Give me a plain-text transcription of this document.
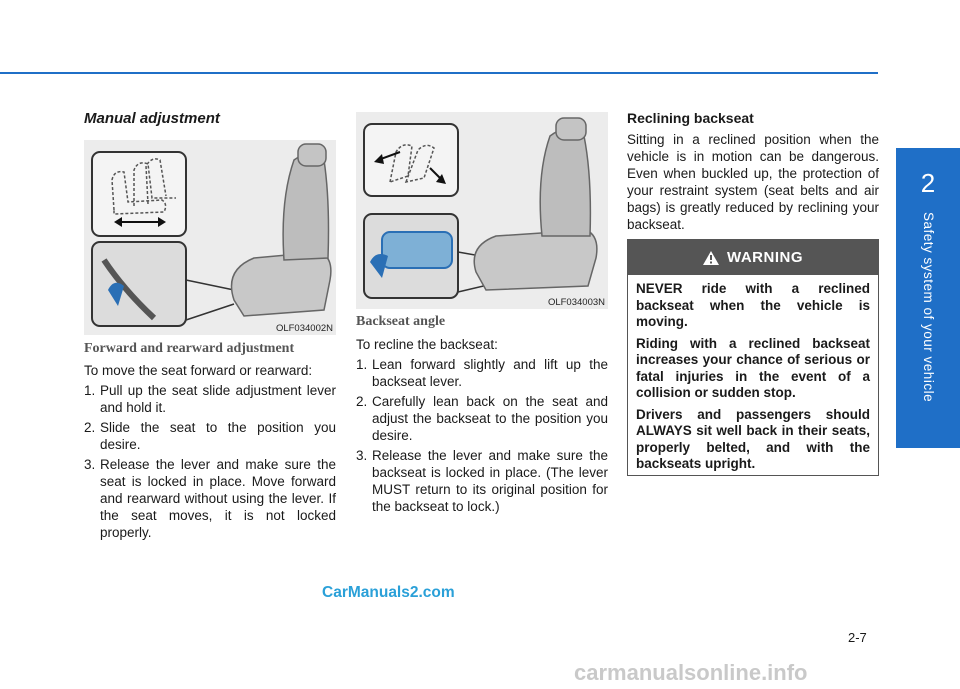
2
Safety system of your vehicle
Manual adjustment
OLF034002N
Forward and rearward adjustment

To move the seat forward or rearward:

1. Pull up the seat slide adjustment lever and hold it.
2. Slide the seat to the position you desire.
3. Release the lever and make sure the seat is locked in place. Move forward and rearward without using the lever. If the seat moves, it is not locked properly.
OLF034003N
Backseat angle

To recline the backseat:

1. Lean forward slightly and lift up the backseat lever.
2. Carefully lean back on the seat and adjust the backseat to the position you desire.
3. Release the lever and make sure the backseat is locked in place. (The lever MUST return to its original position for the backseat to lock.)
Reclining backseat
Sitting in a reclined position when the vehicle is in motion can be dangerous. Even when buckled up, the protection of your restraint system (seat belts and air bags) is greatly reduced by reclining your backseat.
WARNING

NEVER ride with a reclined backseat when the vehicle is moving.

Riding with a reclined backseat increases your chance of serious or fatal injuries in the event of a collision or sudden stop.

Drivers and passengers should ALWAYS sit well back in their seats, properly belted, and with the backseats upright.

2-7
CarManuals2.com
carmanualsonline.info
